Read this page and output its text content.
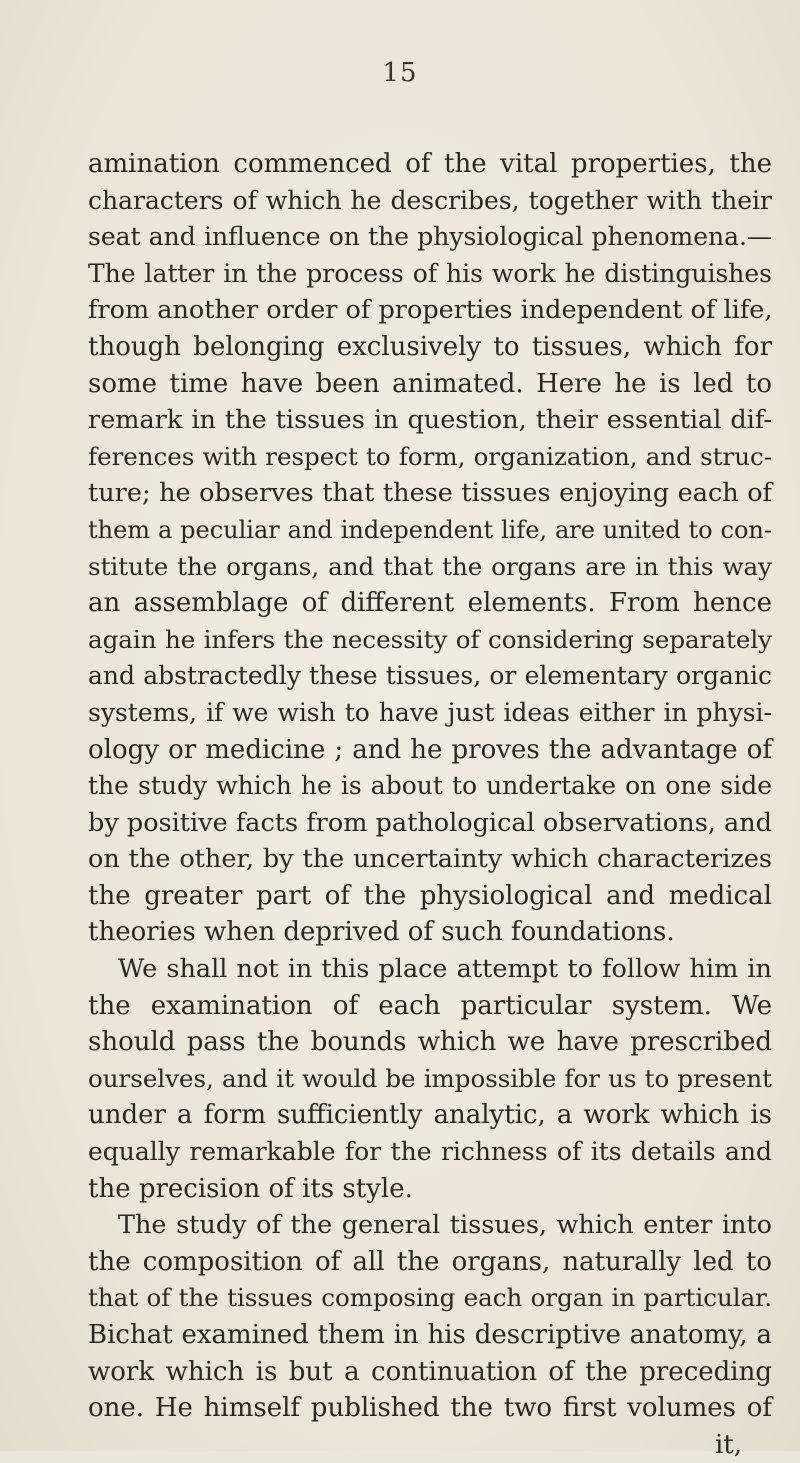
15
amination commenced of the vital properties, the
characters of which he describes, together with their
seat and influence on the physiological phenomena.—
The latter in the process of his work he distinguishes
from another order of properties independent of life,
though belonging exclusively to tissues, which for
some time have been animated. Here he is led to
remark in the tissues in question, their essential dif-
ferences with respect to form, organization, and struc-
ture; he observes that these tissues enjoying each of
them a peculiar and independent life, are united to con-
stitute the organs, and that the organs are in this way
an assemblage of different elements. From hence
again he infers the necessity of considering separately
and abstractedly these tissues, or elementary organic
systems, if we wish to have just ideas either in physi-
ology or medicine ; and he proves the advantage of
the study which he is about to undertake on one side
by positive facts from pathological observations, and
on the other, by the uncertainty which characterizes
the greater part of the physiological and medical
theories when deprived of such foundations.
We shall not in this place attempt to follow him in
the examination of each particular system. We
should pass the bounds which we have prescribed
ourselves, and it would be impossible for us to present
under a form sufficiently analytic, a work which is
equally remarkable for the richness of its details and
the precision of its style.
The study of the general tissues, which enter into
the composition of all the organs, naturally led to
that of the tissues composing each organ in particular.
Bichat examined them in his descriptive anatomy, a
work which is but a continuation of the preceding
one. He himself published the two first volumes of
it,
